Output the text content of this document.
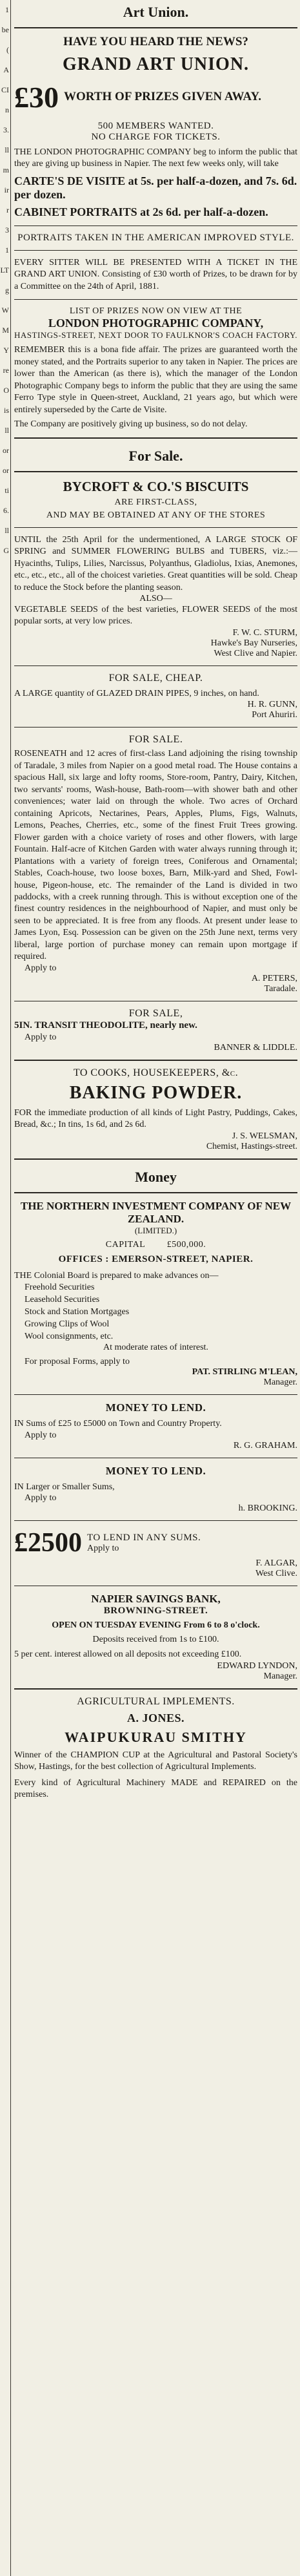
1
be
(
A
CI
n
3.
ll
m
ir
r
3
1
LT
g
W
M
Y
re
O
is
ll
or
or
ti
6.
ll
G
Art Union.
HAVE YOU HEARD THE NEWS?
GRAND ART UNION.
£30 WORTH OF PRIZES GIVEN AWAY.
500 MEMBERS WANTED.
NO CHARGE FOR TICKETS.
THE LONDON PHOTOGRAPHIC COMPANY beg to inform the public that they are giving up business in Napier. The next few weeks only, will take
CARTE'S DE VISITE at 5s. per half-a-dozen, and 7s. 6d. per dozen.
CABINET PORTRAITS at 2s 6d. per half-a-dozen.
PORTRAITS TAKEN IN THE AMERICAN IMPROVED STYLE.
EVERY SITTER WILL BE PRESENTED WITH A TICKET IN THE GRAND ART UNION. Consisting of £30 worth of Prizes, to be drawn for by a Committee on the 24th of April, 1881.
LIST OF PRIZES NOW ON VIEW AT THE
LONDON PHOTOGRAPHIC COMPANY,
HASTINGS-STREET, NEXT DOOR TO FAULKNOR'S COACH FACTORY.
REMEMBER this is a bona fide affair. The prizes are guaranteed worth the money stated, and the Portraits superior to any taken in Napier. The prices are lower than the American (as there is), which the manager of the London Photographic Company begs to inform the public that they are using the same Ferro Type style in Queen-street, Auckland, 21 years ago, but which were entirely superseded by the Carte de Visite.
The Company are positively giving up business, so do not delay.
For Sale.
BYCROFT & CO.'S BISCUITS
ARE FIRST-CLASS,
AND MAY BE OBTAINED AT ANY OF THE STORES
UNTIL the 25th April for the undermentioned, A LARGE STOCK OF SPRING and SUMMER FLOWERING BULBS and TUBERS, viz.:— Hyacinths, Tulips, Lilies, Narcissus, Polyanthus, Gladiolus, Ixias, Anemones, etc., etc., etc., all of the choicest varieties. Great quantities will be sold. Cheap to reduce the Stock before the planting season.
ALSO—
VEGETABLE SEEDS of the best varieties, FLOWER SEEDS of the most popular sorts, at very low prices.
F. W. C. STURM,
Hawke's Bay Nurseries,
West Clive and Napier.
FOR SALE, CHEAP.
A LARGE quantity of GLAZED DRAIN PIPES, 9 inches, on hand.
H. R. GUNN,
Port Ahuriri.
FOR SALE.
ROSENEATH and 12 acres of first-class Land adjoining the rising township of Taradale, 3 miles from Napier on a good metal road. The House contains a spacious Hall, six large and lofty rooms, Store-room, Pantry, Dairy, Kitchen, two servants' rooms, Wash-house, Bath-room—with shower bath and other conveniences; water laid on through the whole. Two acres of Orchard containing Apricots, Nectarines, Pears, Apples, Plums, Figs, Walnuts, Lemons, Peaches, Cherries, etc., some of the finest Fruit Trees growing. Flower garden with a choice variety of roses and other flowers, with large Fountain. Half-acre of Kitchen Garden with water always running through it; Plantations with a variety of foreign trees, Coniferous and Ornamental; Stables, Coach-house, two loose boxes, Barn, Milk-yard and Shed, Fowl-house, Pigeon-house, etc. The remainder of the Land is divided in two paddocks, with a creek running through. This is without exception one of the finest country residences in the neighbourhood of Napier, and must only be seen to be appreciated. It is free from any floods. At present under lease to James Lyon, Esq. Possession can be given on the 25th June next, terms very liberal, large portion of purchase money can remain upon mortgage if required.
Apply to
A. PETERS,
Taradale.
FOR SALE,
5IN. TRANSIT THEODOLITE, nearly new.
Apply to
BANNER & LIDDLE.
TO COOKS, HOUSEKEEPERS, &c.
BAKING POWDER.
FOR the immediate production of all kinds of Light Pastry, Puddings, Cakes, Bread, &c.; In tins, 1s 6d, and 2s 6d.
J. S. WELSMAN,
Chemist, Hastings-street.
Money
THE NORTHERN INVESTMENT COMPANY OF NEW ZEALAND.
(LIMITED.)
CAPITAL £500,000.
OFFICES : EMERSON-STREET, NAPIER.
THE Colonial Board is prepared to make advances on—
Freehold Securities
Leasehold Securities
Stock and Station Mortgages
Growing Clips of Wool
Wool consignments, etc.
At moderate rates of interest.
For proposal Forms, apply to
PAT. STIRLING M'LEAN,
Manager.
MONEY TO LEND.
IN Sums of £25 to £5000 on Town and Country Property.
Apply to
R. G. GRAHAM.
MONEY TO LEND.
IN Larger or Smaller Sums,
Apply to
h. BROOKING.
£2500 TO LEND IN ANY SUMS.
Apply to
F. ALGAR,
West Clive.
NAPIER SAVINGS BANK,
BROWNING-STREET.
OPEN ON TUESDAY EVENING From 6 to 8 o'clock.
Deposits received from 1s to £100.
5 per cent. interest allowed on all deposits not exceeding £100.
EDWARD LYNDON,
Manager.
AGRICULTURAL IMPLEMENTS.
A. JONES.
WAIPUKURAU SMITHY
Winner of the CHAMPION CUP at the Agricultural and Pastoral Society's Show, Hastings, for the best collection of Agricultural Implements.
Every kind of Agricultural Machinery MADE and REPAIRED on the premises.
